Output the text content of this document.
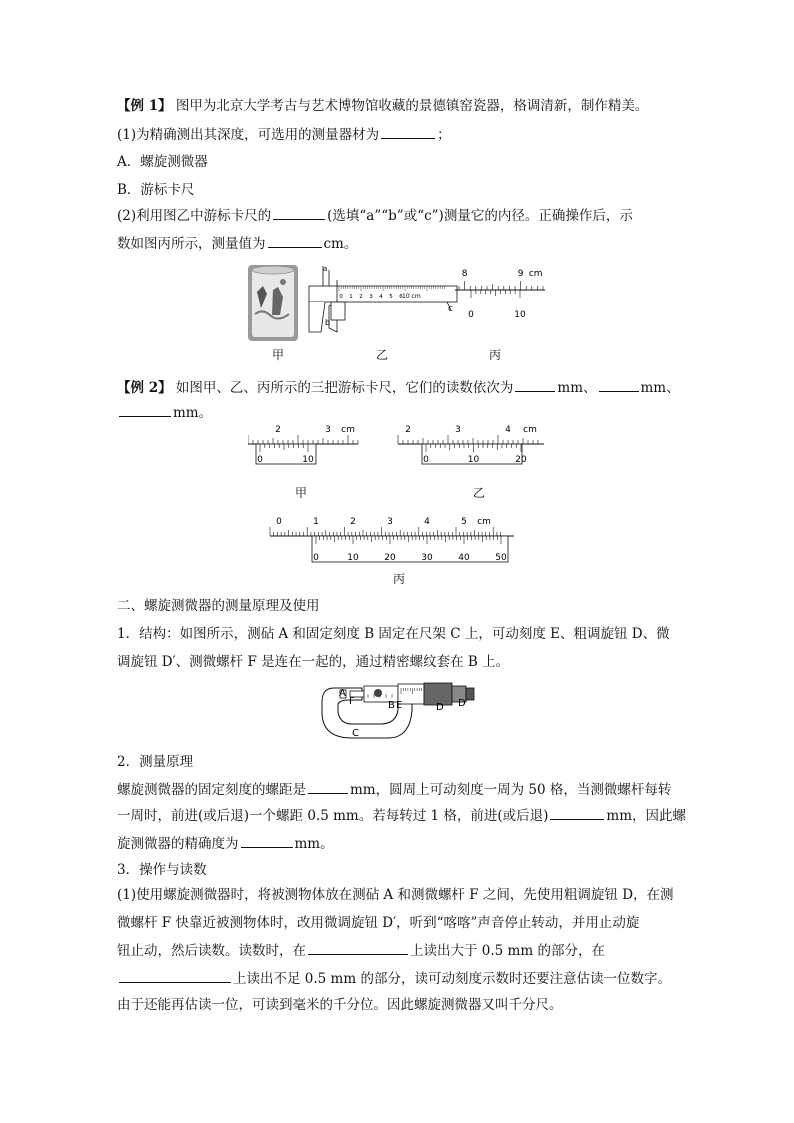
【例 1】 图甲为北京大学考古与艺术博物馆收藏的景德镇窑瓷器，格调清新，制作精美。
(1)为精确测出其深度，可选用的测量器材为	；
A．螺旋测微器
B．游标卡尺
(2)利用图乙中游标卡尺的	(选填“a”“b”或“c”)测量它的内径。正确操作后，示
数如图丙所示，测量值为	cm。
0 1 2 3 4 5 6
a
b
c
10 cm
8	9 cm
0	10
甲	乙	丙
【例 2】 如图甲、乙、丙所示的三把游标卡尺，它们的读数依次为	mm、	mm、
mm。
2	3 cm
0	10
2	3	4 cm
0	10	20
甲	乙
0	1	2	3	4	5 cm
0	10	20	30	40	50
丙
二、螺旋测微器的测量原理及使用
1．结构：如图所示，测砧 A 和固定刻度 B 固定在尺架 C 上，可动刻度 E、粗调旋钮 D、微
调旋钮 D′、测微螺杆 F 是连在一起的，通过精密螺纹套在 B 上。
A
F	B E	D D′
C
2．测量原理
螺旋测微器的固定刻度的螺距是	mm，圆周上可动刻度一周为 50 格，当测微螺杆每转
一周时，前进(或后退)一个螺距 0.5 mm。若每转过 1 格，前进(或后退)	mm，因此螺
旋测微器的精确度为	mm。
3．操作与读数
(1)使用螺旋测微器时，将被测物体放在测砧 A 和测微螺杆 F 之间，先使用粗调旋钮 D，在测
微螺杆 F 快靠近被测物体时，改用微调旋钮 D′，听到“喀喀”声音停止转动，并用止动旋
钮止动，然后读数。读数时，在	上读出大于 0.5 mm 的部分，在
上读出不足 0.5 mm 的部分，读可动刻度示数时还要注意估读一位数字。
由于还能再估读一位，可读到毫米的千分位。因此螺旋测微器又叫千分尺。
